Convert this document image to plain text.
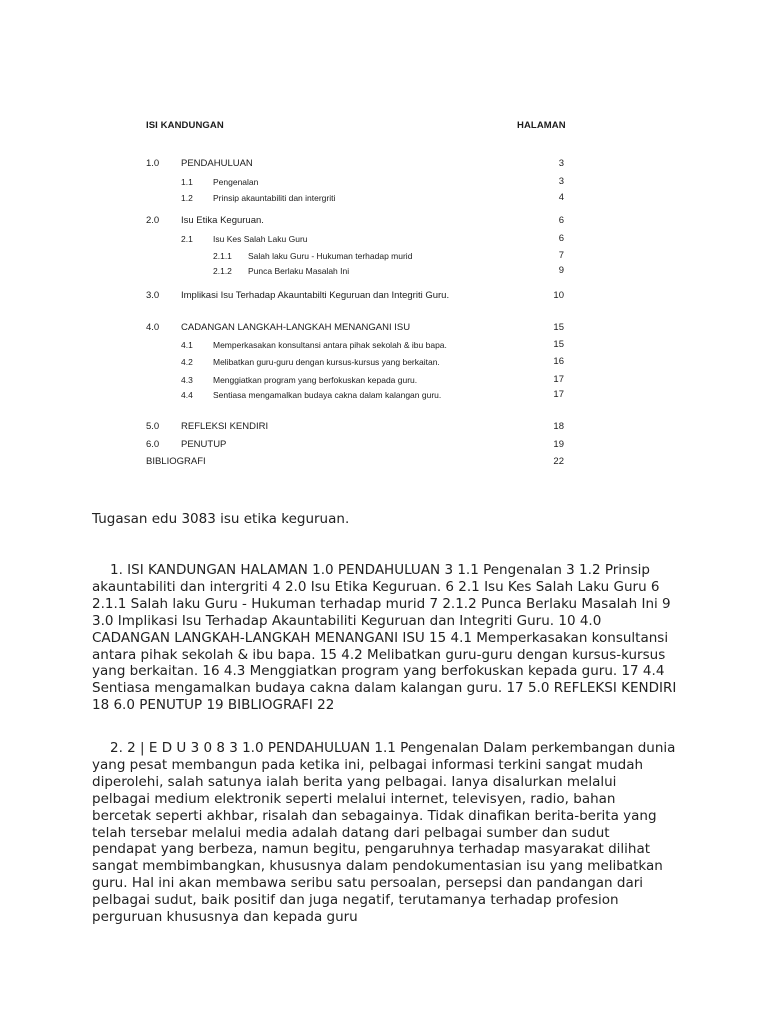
ISI KANDUNGAN	HALAMAN
1.0 PENDAHULUAN	3
1.1 Pengenalan	3
1.2 Prinsip akauntabiliti dan intergriti	4
2.0 Isu Etika Keguruan.	6
2.1 Isu Kes Salah Laku Guru	6
2.1.1 Salah laku Guru - Hukuman terhadap murid	7
2.1.2 Punca Berlaku Masalah Ini	9
3.0 Implikasi Isu Terhadap Akauntabilti Keguruan dan Integriti Guru.	10
4.0 CADANGAN LANGKAH-LANGKAH MENANGANI ISU	15
4.1 Memperkasakan konsultansi antara pihak sekolah & ibu bapa.	15
4.2 Melibatkan guru-guru dengan kursus-kursus yang berkaitan.	16
4.3 Menggiatkan program yang berfokuskan kepada guru.	17
4.4 Sentiasa mengamalkan budaya cakna dalam kalangan guru.	17
5.0 REFLEKSI KENDIRI	18
6.0 PENUTUP	19
BIBLIOGRAFI	22
Tugasan edu 3083 isu etika keguruan.

1. ISI KANDUNGAN HALAMAN 1.0 PENDAHULUAN 3 1.1 Pengenalan 3 1.2 Prinsip akauntabiliti dan intergriti 4 2.0 Isu Etika Keguruan. 6 2.1 Isu Kes Salah Laku Guru 6 2.1.1 Salah laku Guru - Hukuman terhadap murid 7 2.1.2 Punca Berlaku Masalah Ini 9 3.0 Implikasi Isu Terhadap Akauntabiliti Keguruan dan Integriti Guru. 10 4.0 CADANGAN LANGKAH-LANGKAH MENANGANI ISU 15 4.1 Memperkasakan konsultansi antara pihak sekolah & ibu bapa. 15 4.2 Melibatkan guru-guru dengan kursus-kursus yang berkaitan. 16 4.3 Menggiatkan program yang berfokuskan kepada guru. 17 4.4 Sentiasa mengamalkan budaya cakna dalam kalangan guru. 17 5.0 REFLEKSI KENDIRI 18 6.0 PENUTUP 19 BIBLIOGRAFI 22

2. 2 | E D U 3 0 8 3 1.0 PENDAHULUAN 1.1 Pengenalan Dalam perkembangan dunia yang pesat membangun pada ketika ini, pelbagai informasi terkini sangat mudah diperolehi, salah satunya ialah berita yang pelbagai. Ianya disalurkan melalui pelbagai medium elektronik seperti melalui internet, televisyen, radio, bahan bercetak seperti akhbar, risalah dan sebagainya. Tidak dinafikan berita-berita yang telah tersebar melalui media adalah datang dari pelbagai sumber dan sudut pendapat yang berbeza, namun begitu, pengaruhnya terhadap masyarakat dilihat sangat membimbangkan, khususnya dalam pendokumentasian isu yang melibatkan guru. Hal ini akan membawa seribu satu persoalan, persepsi dan pandangan dari pelbagai sudut, baik positif dan juga negatif, terutamanya terhadap profesion perguruan khususnya dan kepada guru
